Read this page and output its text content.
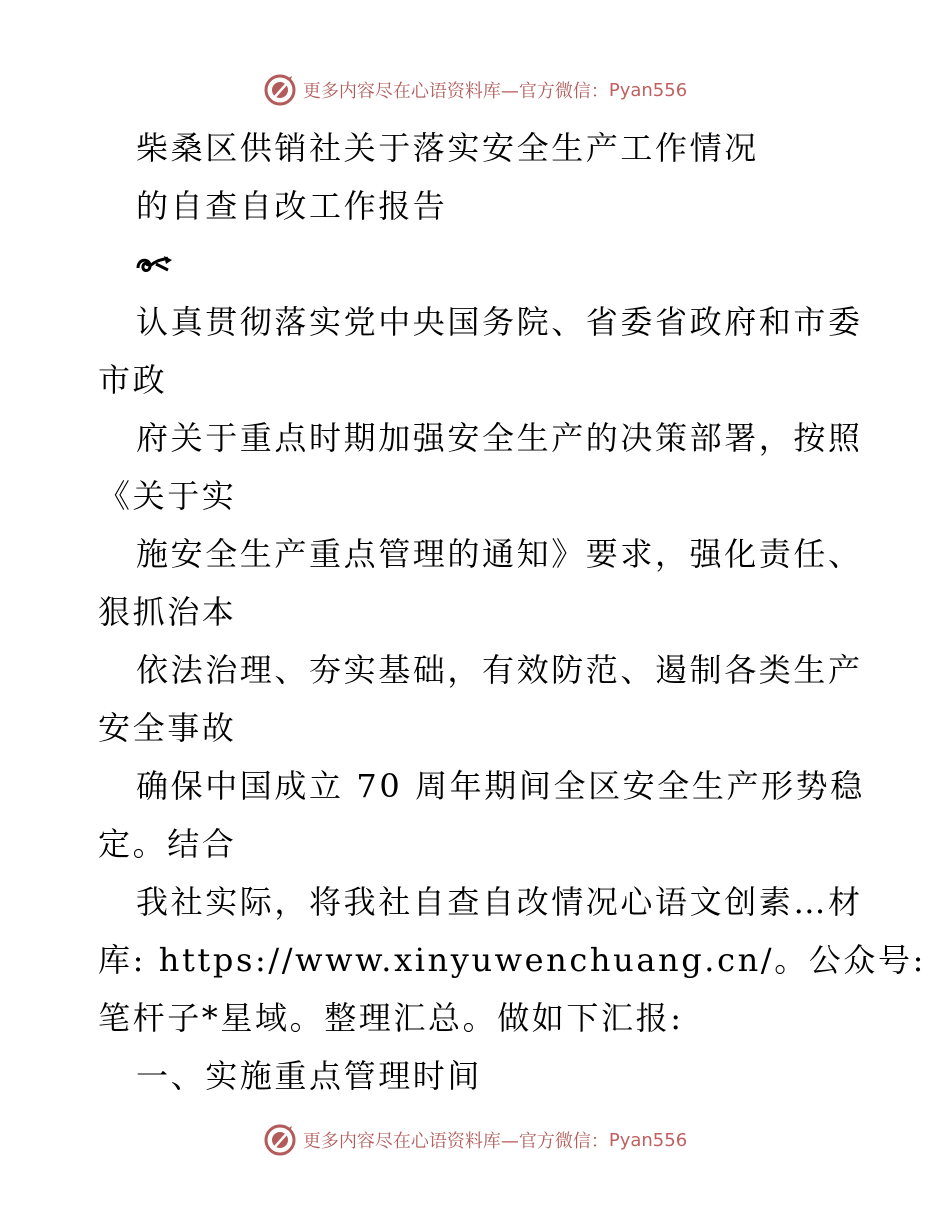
更多内容尽在心语资料库—官方微信： Pyan556
柴桑区供销社关于落实安全生产工作情况
的自查自改工作报告
认真贯彻落实党中央国务院、省委省政府和市委
市政
府关于重点时期加强安全生产的决策部署，按照
《关于实
施安全生产重点管理的通知》要求，强化责任、
狠抓治本
依法治理、夯实基础，有效防范、遏制各类生产
安全事故
确保中国成立 70 周年期间全区安全生产形势稳
定。结合
我社实际，将我社自查自改情况心语文创素…材
库: https://www.xinyuwenchuang.cn/。公众号:
笔杆子*星域。整理汇总。做如下汇报:
一、实施重点管理时间
更多内容尽在心语资料库—官方微信： Pyan556
